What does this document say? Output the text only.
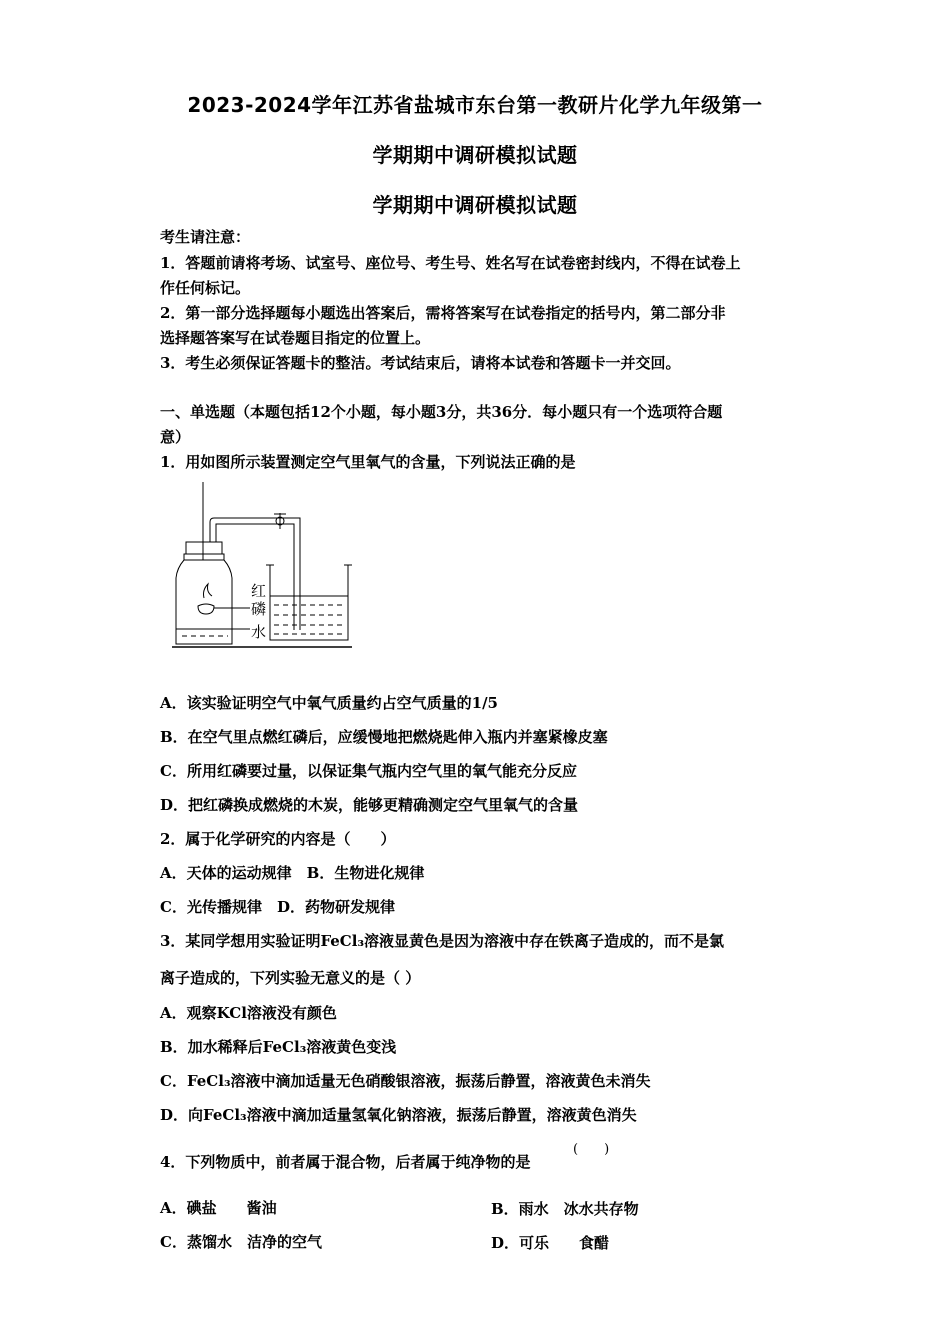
2023-2024学年江苏省盐城市东台第一教研片化学九年级第一
学期期中调研模拟试题
学期期中调研模拟试题
考生请注意：
1．答题前请将考场、试室号、座位号、考生号、姓名写在试卷密封线内，不得在试卷上
作任何标记。
2．第一部分选择题每小题选出答案后，需将答案写在试卷指定的括号内，第二部分非
选择题答案写在试卷题目指定的位置上。
3．考生必须保证答题卡的整洁。考试结束后，请将本试卷和答题卡一并交回。
一、单选题（本题包括12个小题，每小题3分，共36分．每小题只有一个选项符合题
意）
1．用如图所示装置测定空气里氧气的含量，下列说法正确的是
红
磷
水
A．该实验证明空气中氧气质量约占空气质量的1/5
B．在空气里点燃红磷后，应缓慢地把燃烧匙伸入瓶内并塞紧橡皮塞
C．所用红磷要过量，以保证集气瓶内空气里的氧气能充分反应
D．把红磷换成燃烧的木炭，能够更精确测定空气里氧气的含量
2．属于化学研究的内容是（　　）
A．天体的运动规律　B．生物进化规律
C．光传播规律　D．药物研发规律
3．某同学想用实验证明FeCl₃溶液显黄色是因为溶液中存在铁离子造成的，而不是氯
离子造成的，下列实验无意义的是（ ）
A．观察KCl溶液没有颜色
B．加水稀释后FeCl₃溶液黄色变浅
C．FeCl₃溶液中滴加适量无色硝酸银溶液，振荡后静置，溶液黄色未消失
D．向FeCl₃溶液中滴加适量氢氧化钠溶液，振荡后静置，溶液黄色消失
4．下列物质中，前者属于混合物，后者属于纯净物的是
(　　)
A．碘盐　　酱油	B．雨水　冰水共存物
C．蒸馏水　洁净的空气	D．可乐　　食醋
